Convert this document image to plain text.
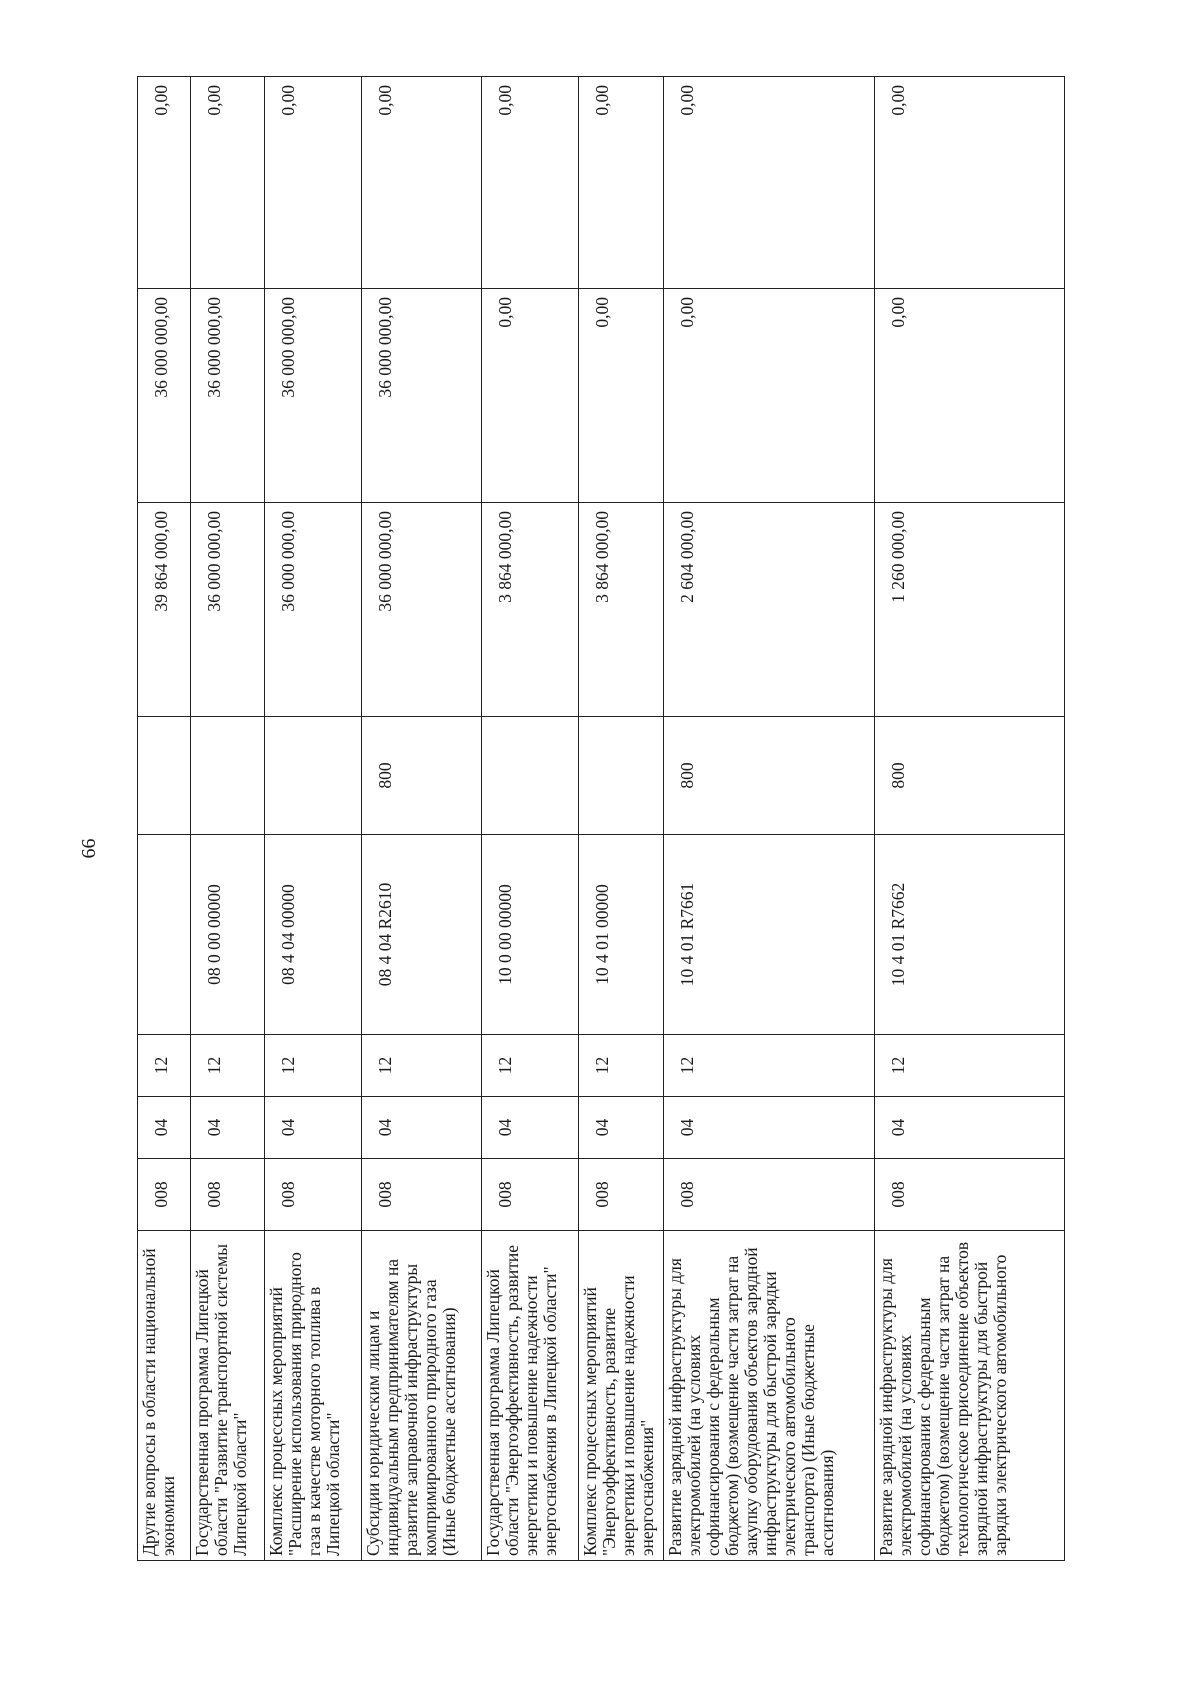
66
Другие вопросы в области национальной экономики	008	04	12			39 864 000,00	36 000 000,00	0,00
Государственная программа Липецкой области "Развитие транспортной системы Липецкой области"	008	04	12	08 0 00 00000		36 000 000,00	36 000 000,00	0,00
Комплекс процессных мероприятий "Расширение использования природного газа в качестве моторного топлива в Липецкой области"	008	04	12	08 4 04 00000		36 000 000,00	36 000 000,00	0,00
Субсидии юридическим лицам и индивидуальным предпринимателям на развитие заправочной инфраструктуры компримированного природного газа (Иные бюджетные ассигнования)	008	04	12	08 4 04 R2610	800	36 000 000,00	36 000 000,00	0,00
Государственная программа Липецкой области "Энергоэффективность, развитие энергетики и повышение надежности энергоснабжения в Липецкой области"	008	04	12	10 0 00 00000		3 864 000,00	0,00	0,00
Комплекс процессных мероприятий "Энергоэффективность, развитие энергетики и повышение надежности энергоснабжения"	008	04	12	10 4 01 00000		3 864 000,00	0,00	0,00
Развитие зарядной инфраструктуры для электромобилей (на условиях софинансирования с федеральным бюджетом) (возмещение части затрат на закупку оборудования объектов зарядной инфраструктуры для быстрой зарядки электрического автомобильного транспорта) (Иные бюджетные ассигнования)	008	04	12	10 4 01 R7661	800	2 604 000,00	0,00	0,00
Развитие зарядной инфраструктуры для электромобилей (на условиях софинансирования с федеральным бюджетом) (возмещение части затрат на технологическое присоединение объектов зарядной инфраструктуры для быстрой зарядки электрического автомобильного	008	04	12	10 4 01 R7662	800	1 260 000,00	0,00	0,00
